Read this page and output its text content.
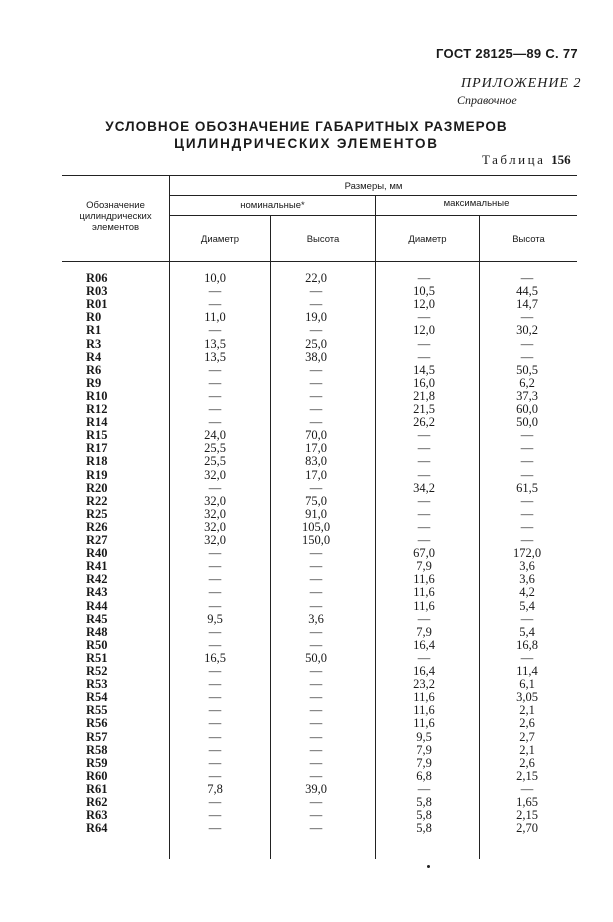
ГОСТ 28125—89 С. 77
ПРИЛОЖЕНИЕ 2
Справочное
УСЛОВНОЕ ОБОЗНАЧЕНИЕ ГАБАРИТНЫХ РАЗМЕРОВ
ЦИЛИНДРИЧЕСКИХ ЭЛЕМЕНТОВ
Таблица 156
Обозначение цилиндрических элементов
Размеры, мм
номинальные*	максимальные
Диаметр	Высота	Диаметр	Высота
R06	10,0	22,0	—	—
R03	—	—	10,5	44,5
R01	—	—	12,0	14,7
R0	11,0	19,0	—	—
R1	—	—	12,0	30,2
R3	13,5	25,0	—	—
R4	13,5	38,0	—	—
R6	—	—	14,5	50,5
R9	—	—	16,0	6,2
R10	—	—	21,8	37,3
R12	—	—	21,5	60,0
R14	—	—	26,2	50,0
R15	24,0	70,0	—	—
R17	25,5	17,0	—	—
R18	25,5	83,0	—	—
R19	32,0	17,0	—	—
R20	—	—	34,2	61,5
R22	32,0	75,0	—	—
R25	32,0	91,0	—	—
R26	32,0	105,0	—	—
R27	32,0	150,0	—	—
R40	—	—	67,0	172,0
R41	—	—	7,9	3,6
R42	—	—	11,6	3,6
R43	—	—	11,6	4,2
R44	—	—	11,6	5,4
R45	9,5	3,6	—	—
R48	—	—	7,9	5,4
R50	—	—	16,4	16,8
R51	16,5	50,0	—	—
R52	—	—	16,4	11,4
R53	—	—	23,2	6,1
R54	—	—	11,6	3,05
R55	—	—	11,6	2,1
R56	—	—	11,6	2,6
R57	—	—	9,5	2,7
R58	—	—	7,9	2,1
R59	—	—	7,9	2,6
R60	—	—	6,8	2,15
R61	7,8	39,0	—	—
R62	—	—	5,8	1,65
R63	—	—	5,8	2,15
R64	—	—	5,8	2,70
